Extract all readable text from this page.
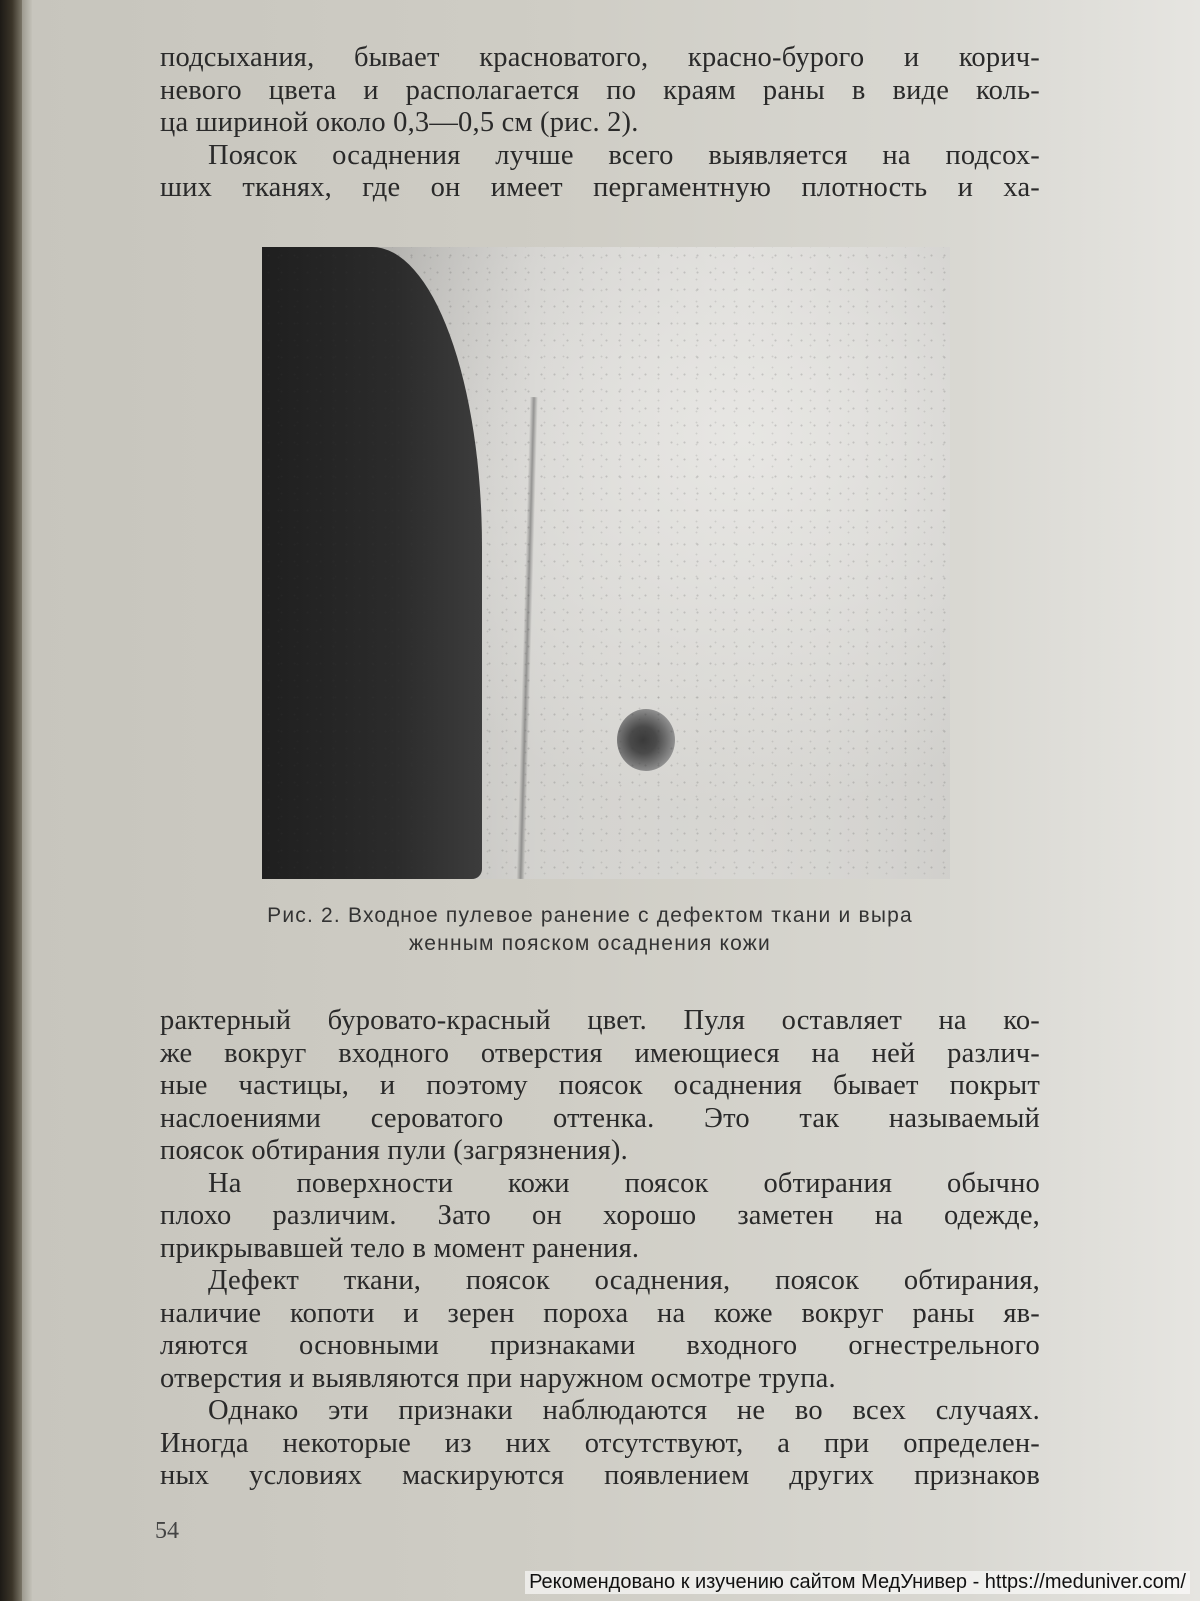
подсыхания, бывает красноватого, красно-бурого и корич-
невого цвета и располагается по краям раны в виде коль-
ца шириной около 0,3—0,5 см (рис. 2).
Поясок осаднения лучше всего выявляется на подсох-
ших тканях, где он имеет пергаментную плотность и ха-
Рис. 2. Входное пулевое ранение с дефектом ткани и выра
женным пояском осаднения кожи
рактерный буровато-красный цвет. Пуля оставляет на ко-
же вокруг входного отверстия имеющиеся на ней различ-
ные частицы, и поэтому поясок осаднения бывает покрыт
наслоениями сероватого оттенка. Это так называемый
поясок обтирания пули (загрязнения).
На поверхности кожи поясок обтирания обычно
плохо различим. Зато он хорошо заметен на одежде,
прикрывавшей тело в момент ранения.
Дефект ткани, поясок осаднения, поясок обтирания,
наличие копоти и зерен пороха на коже вокруг раны яв-
ляются основными признаками входного огнестрельного
отверстия и выявляются при наружном осмотре трупа.
Однако эти признаки наблюдаются не во всех случаях.
Иногда некоторые из них отсутствуют, а при определен-
ных условиях маскируются появлением других признаков
54
Рекомендовано к изучению сайтом МедУнивер - https://meduniver.com/
